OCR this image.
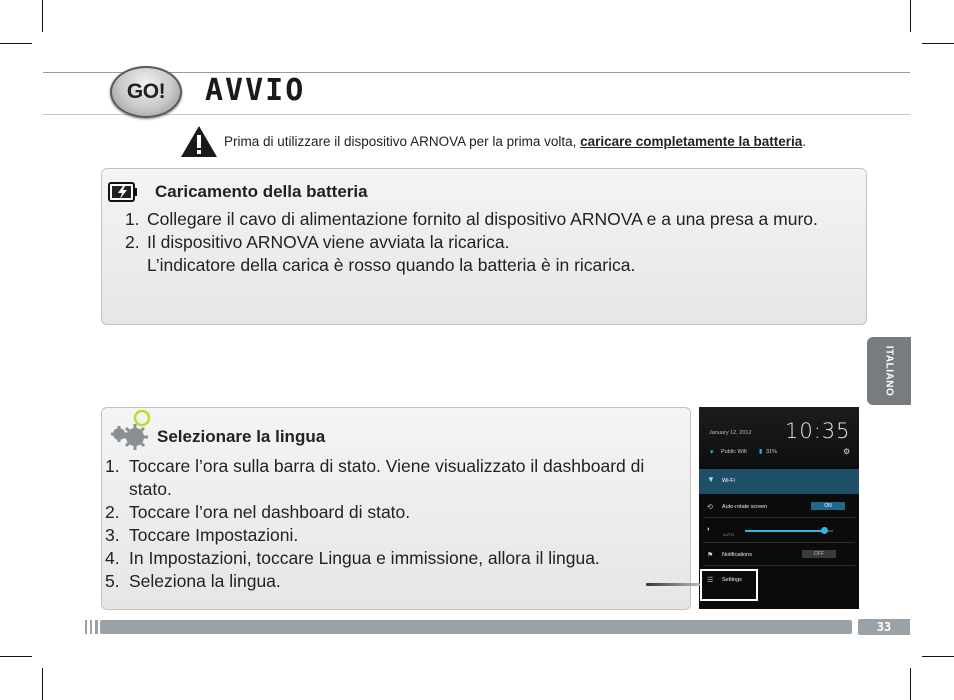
GO! AVVIO
Prima di utilizzare il dispositivo ARNOVA per la prima volta, caricare completamente la batteria.
Caricamento della batteria
1. Collegare il cavo di alimentazione fornito al dispositivo ARNOVA e a una presa a muro.
2. Il dispositivo ARNOVA viene avviata la ricarica.
L’indicatore della carica è rosso quando la batteria è in ricarica.
ITALIANO
Selezionare la lingua
1. Toccare l’ora sulla barra di stato. Viene visualizzato il dashboard di stato.
2. Toccare l’ora nel dashboard di stato.
3. Toccare Impostazioni.
4. In Impostazioni, toccare Lingua e immissione, allora il lingua.
5. Seleziona la lingua.
January 12, 2012 10:35
▾ Public Wifi ▮ 31%	⚙
▼ Wi-Fi
⟲ Auto-rotate screen	ON
◐
AUTO
⚑ Notifications	OFF
☰ Settings
33
